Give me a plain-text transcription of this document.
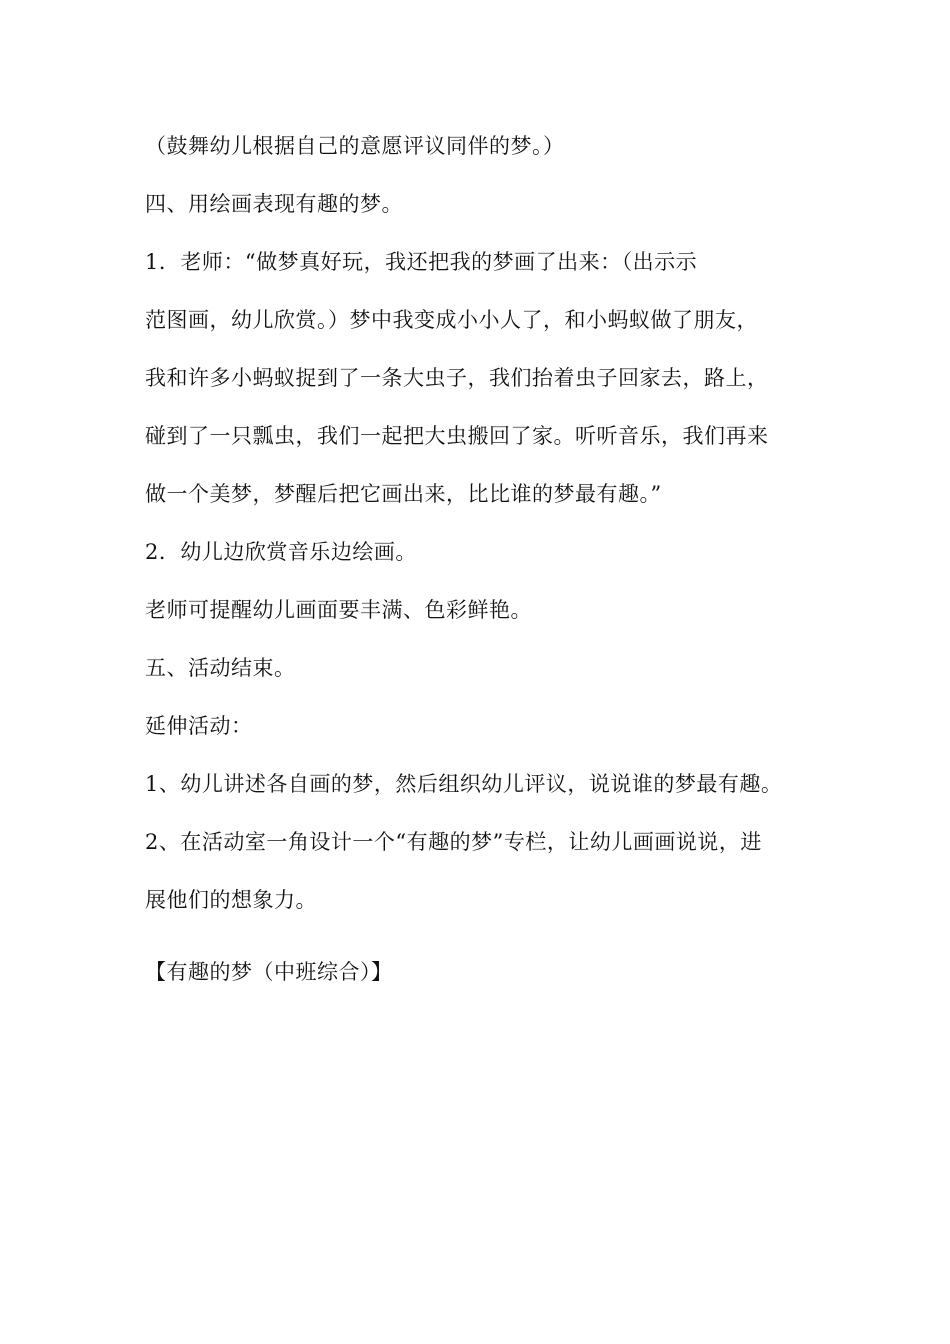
（鼓舞幼儿根据自己的意愿评议同伴的梦。）

四、用绘画表现有趣的梦。

1．老师：“做梦真好玩，我还把我的梦画了出来：（出示示

范图画，幼儿欣赏。）梦中我变成小小人了，和小蚂蚁做了朋友，

我和许多小蚂蚁捉到了一条大虫子，我们抬着虫子回家去，路上，

碰到了一只瓢虫，我们一起把大虫搬回了家。听听音乐，我们再来

做一个美梦，梦醒后把它画出来，比比谁的梦最有趣。”

2．幼儿边欣赏音乐边绘画。

老师可提醒幼儿画面要丰满、色彩鲜艳。

五、活动结束。

延伸活动：

1、幼儿讲述各自画的梦，然后组织幼儿评议，说说谁的梦最有趣。

2、在活动室一角设计一个“有趣的梦”专栏，让幼儿画画说说，进

展他们的想象力。

【有趣的梦（中班综合）】
